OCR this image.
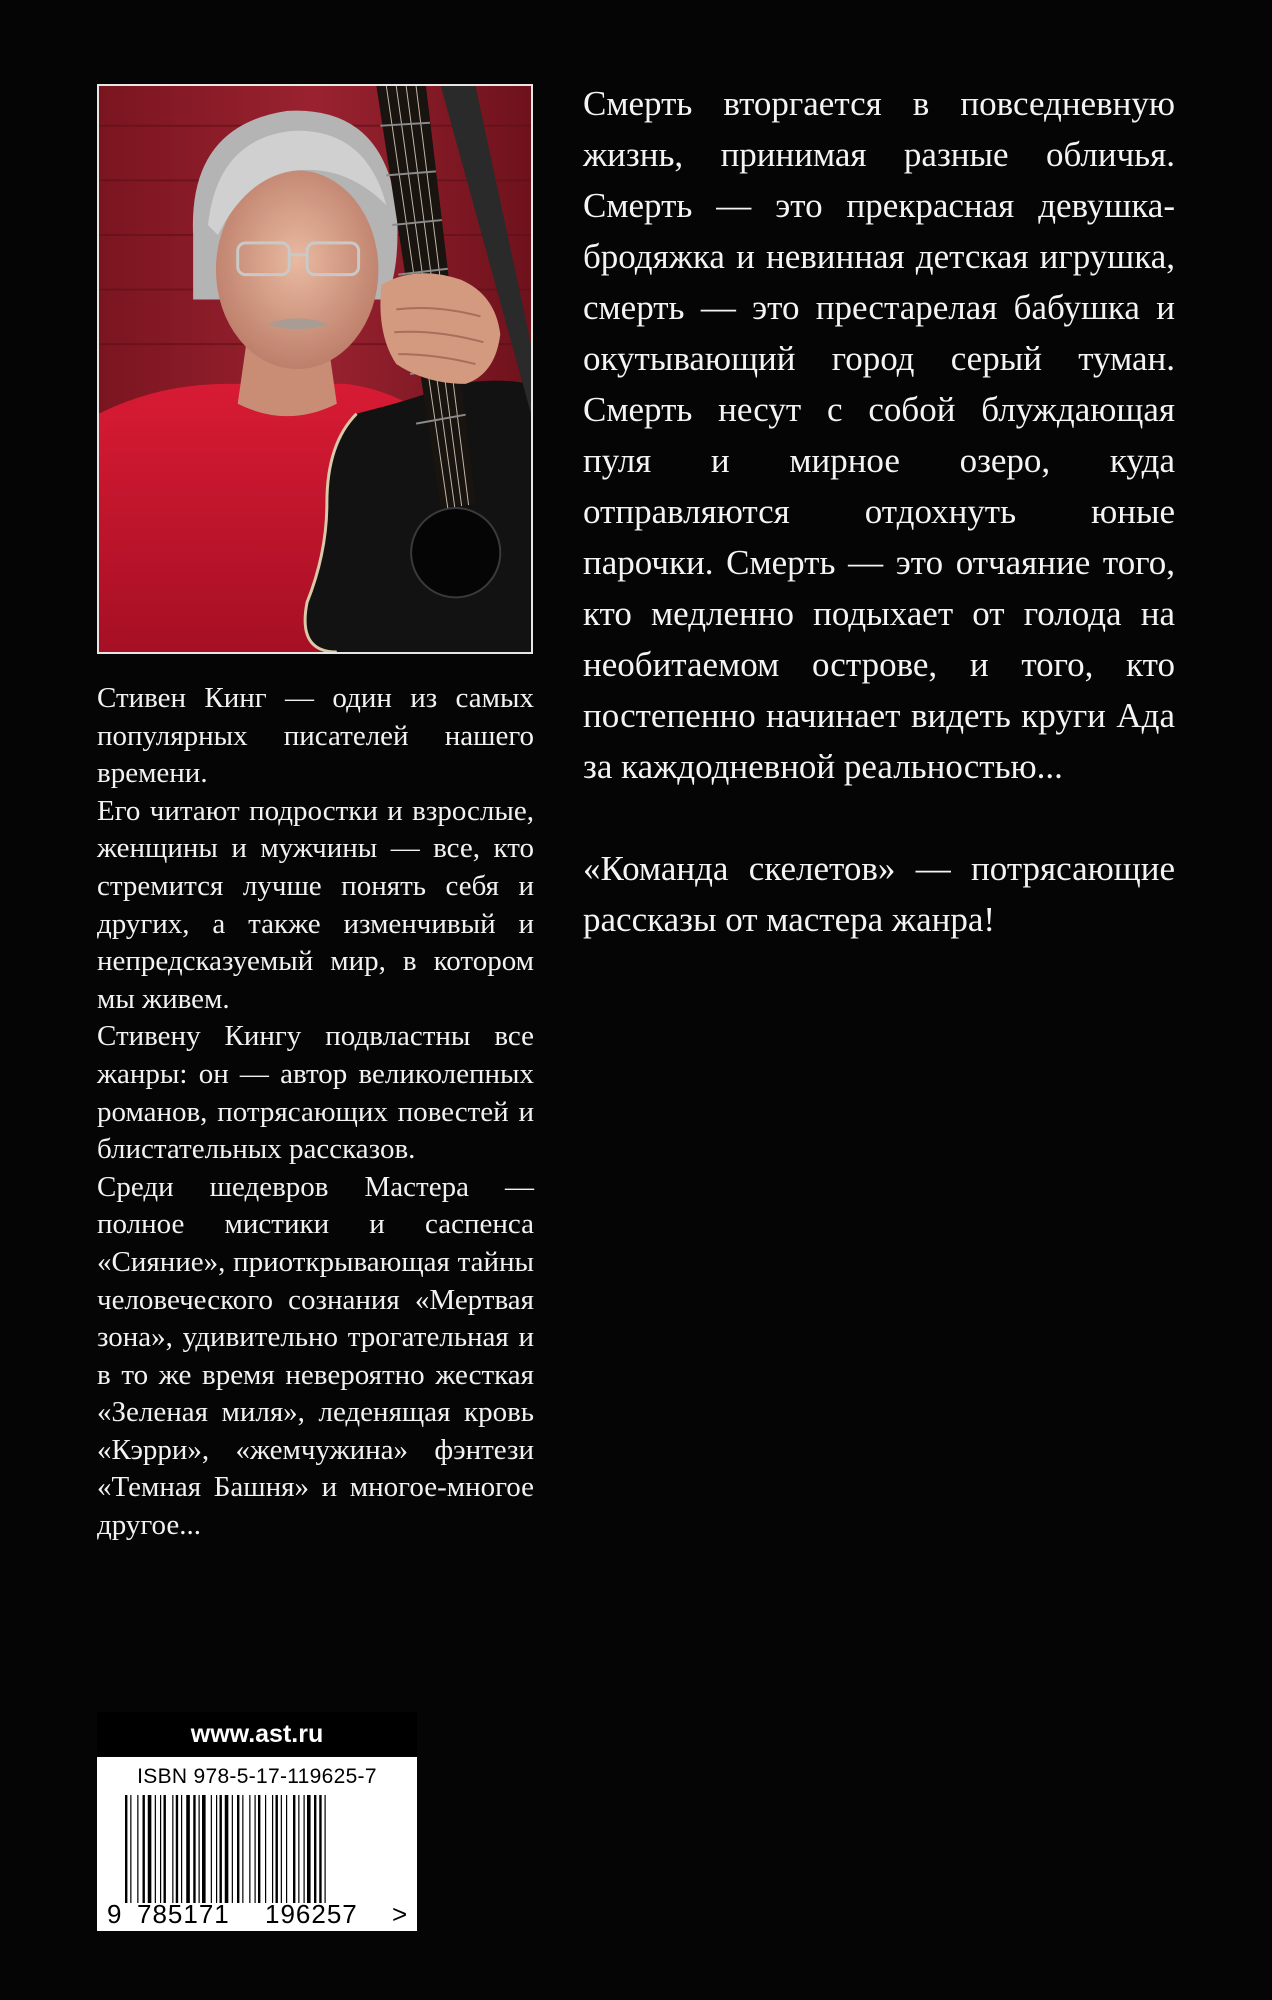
Стивен Кинг — один из самых популярных писателей нашего времени.

Его читают подростки и взрослые, женщины и мужчины — все, кто стремится лучше понять себя и других, а также изменчивый и непредсказуемый мир, в котором мы живем.

Стивену Кингу подвластны все жанры: он — автор великолепных романов, потрясающих повестей и блистательных рассказов.

Среди шедевров Мастера — полное мистики и саспенса «Сияние», приоткрывающая тайны человеческого сознания «Мертвая зона», удивительно трогательная и в то же время невероятно жесткая «Зеленая миля», леденящая кровь «Кэрри», «жемчужина» фэнтези «Темная Башня» и многое-многое другое...

Смерть вторгается в повседневную жизнь, принимая разные обличья. Смерть — это прекрасная девушка-бродяжка и невинная детская игрушка, смерть — это престарелая бабушка и окутывающий город серый туман. Смерть несут с собой блуждающая пуля и мирное озеро, куда отправляются отдохнуть юные парочки. Смерть — это отчаяние того, кто медленно подыхает от голода на необитаемом острове, и того, кто постепенно начинает видеть круги Ада за каждодневной реальностью...

«Команда скелетов» — потрясающие рассказы от мастера жанра!

www.ast.ru
ISBN 978-5-17-119625-7
9 785171 196257 >
